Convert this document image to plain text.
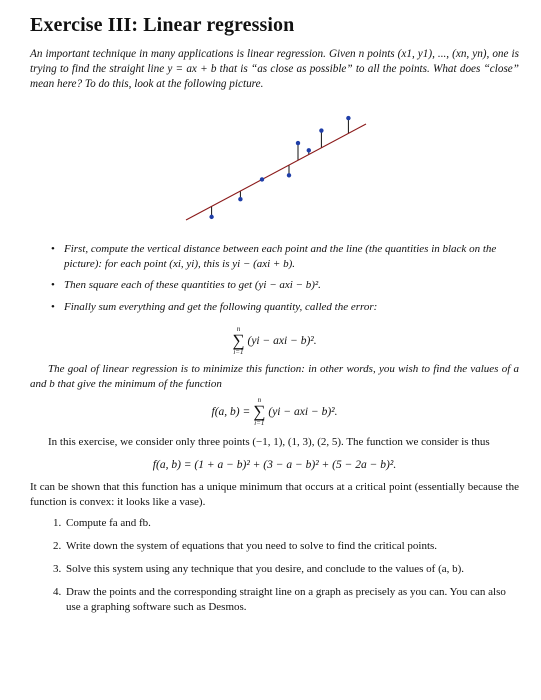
Exercise III: Linear regression

An important technique in many applications is linear regression. Given n points (x1, y1), ..., (xn, yn), one is trying to find the straight line y = ax + b that is “as close as possible” to all the points. What does “close” mean here? To do this, look at the following picture.

• First, compute the vertical distance between each point and the line (the quantities in black on the picture): for each point (xi, yi), this is yi − (axi + b).
• Then square each of these quantities to get (yi − axi − b)².
• Finally sum everything and get the following quantity, called the error:
n
∑
i=1
(yi − axi − b)².

The goal of linear regression is to minimize this function: in other words, you wish to find the values of a and b that give the minimum of the function

f(a, b) =
n
∑
i=1
(yi − axi − b)².

In this exercise, we consider only three points (−1, 1), (1, 3), (2, 5). The function we consider is thus

f(a, b) = (1 + a − b)² + (3 − a − b)² + (5 − 2a − b)².

It can be shown that this function has a unique minimum that occurs at a critical point (essentially because the function is convex: it looks like a vase).

1. Compute fa and fb.
2. Write down the system of equations that you need to solve to find the critical points.
3. Solve this system using any technique that you desire, and conclude to the values of (a, b).
4. Draw the points and the corresponding straight line on a graph as precisely as you can. You can also use a graphing software such as Desmos.
